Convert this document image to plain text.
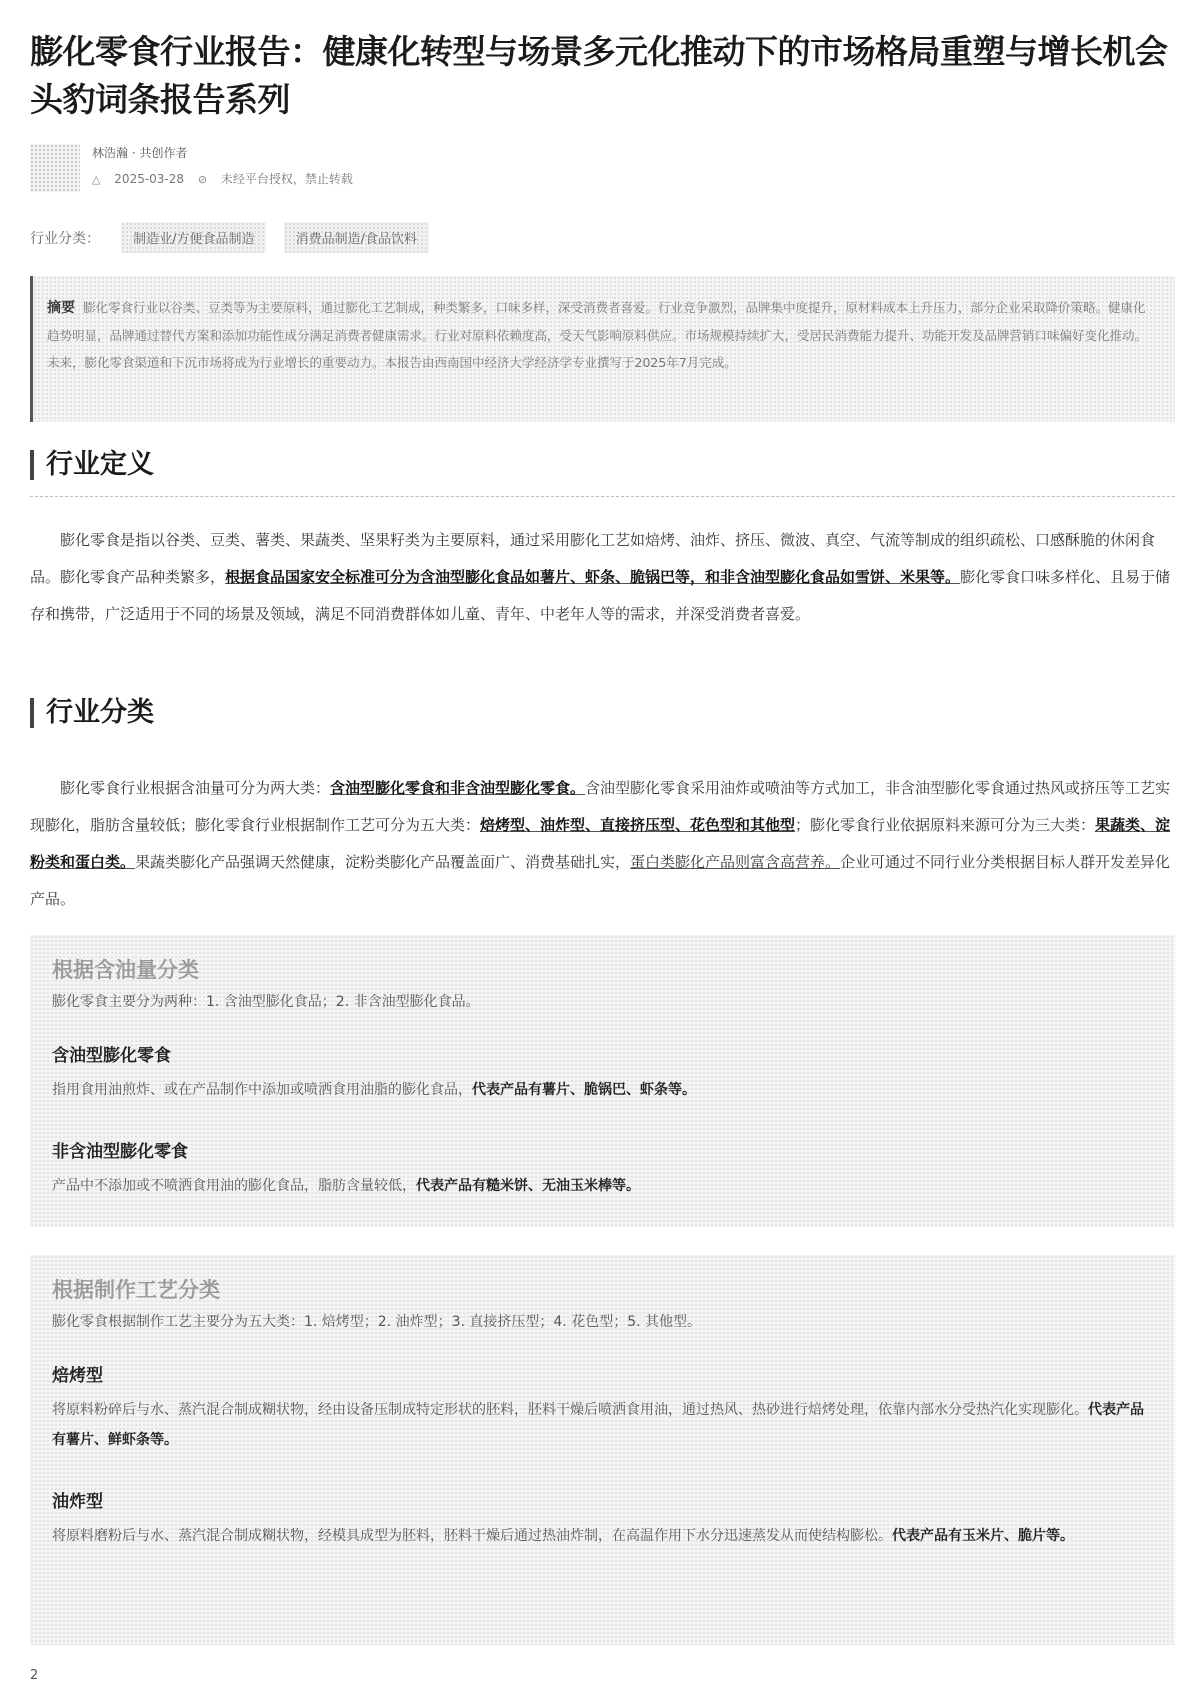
膨化零食行业报告：健康化转型与场景多元化推动下的市场格局重塑与增长机会 头豹词条报告系列
林浩瀚 · 共创作者
△ 2025-03-28 ⊘ 未经平台授权，禁止转载
行业分类：	制造业/方便食品制造	消费品制造/食品饮料

摘要 膨化零食行业以谷类、豆类等为主要原料，通过膨化工艺制成，种类繁多，口味多样，深受消费者喜爱。行业竞争激烈，品牌集中度提升，原材料成本上升压力，部分企业采取降价策略。健康化趋势明显，品牌通过替代方案和添加功能性成分满足消费者健康需求。行业对原料依赖度高，受天气影响原料供应。市场规模持续扩大，受居民消费能力提升、功能开发及品牌营销口味偏好变化推动。未来，膨化零食渠道和下沉市场将成为行业增长的重要动力。本报告由西南国中经济大学经济学专业撰写于2025年7月完成。

行业定义

膨化零食是指以谷类、豆类、薯类、果蔬类、坚果籽类为主要原料，通过采用膨化工艺如焙烤、油炸、挤压、微波、真空、气流等制成的组织疏松、口感酥脆的休闲食品。膨化零食产品种类繁多，根据食品国家安全标准可分为含油型膨化食品如薯片、虾条、脆锅巴等，和非含油型膨化食品如雪饼、米果等。膨化零食口味多样化、且易于储存和携带，广泛适用于不同的场景及领域，满足不同消费群体如儿童、青年、中老年人等的需求，并深受消费者喜爱。

行业分类

膨化零食行业根据含油量可分为两大类：含油型膨化零食和非含油型膨化零食。含油型膨化零食采用油炸或喷油等方式加工，非含油型膨化零食通过热风或挤压等工艺实现膨化，脂肪含量较低；膨化零食行业根据制作工艺可分为五大类：焙烤型、油炸型、直接挤压型、花色型和其他型；膨化零食行业依据原料来源可分为三大类：果蔬类、淀粉类和蛋白类。果蔬类膨化产品强调天然健康，淀粉类膨化产品覆盖面广、消费基础扎实，蛋白类膨化产品则富含高营养。企业可通过不同行业分类根据目标人群开发差异化产品。

根据含油量分类
膨化零食主要分为两种：1. 含油型膨化食品；2. 非含油型膨化食品。
含油型膨化零食
指用食用油煎炸、或在产品制作中添加或喷洒食用油脂的膨化食品，代表产品有薯片、脆锅巴、虾条等。
非含油型膨化零食
产品中不添加或不喷洒食用油的膨化食品，脂肪含量较低，代表产品有糙米饼、无油玉米棒等。
根据制作工艺分类
膨化零食根据制作工艺主要分为五大类：1. 焙烤型；2. 油炸型；3. 直接挤压型；4. 花色型；5. 其他型。
焙烤型
将原料粉碎后与水、蒸汽混合制成糊状物，经由设备压制成特定形状的胚料，胚料干燥后喷洒食用油，通过热风、热砂进行焙烤处理，依靠内部水分受热汽化实现膨化。代表产品有薯片、鲜虾条等。
油炸型
将原料磨粉后与水、蒸汽混合制成糊状物，经模具成型为胚料，胚料干燥后通过热油炸制，在高温作用下水分迅速蒸发从而使结构膨松。代表产品有玉米片、脆片等。
2
